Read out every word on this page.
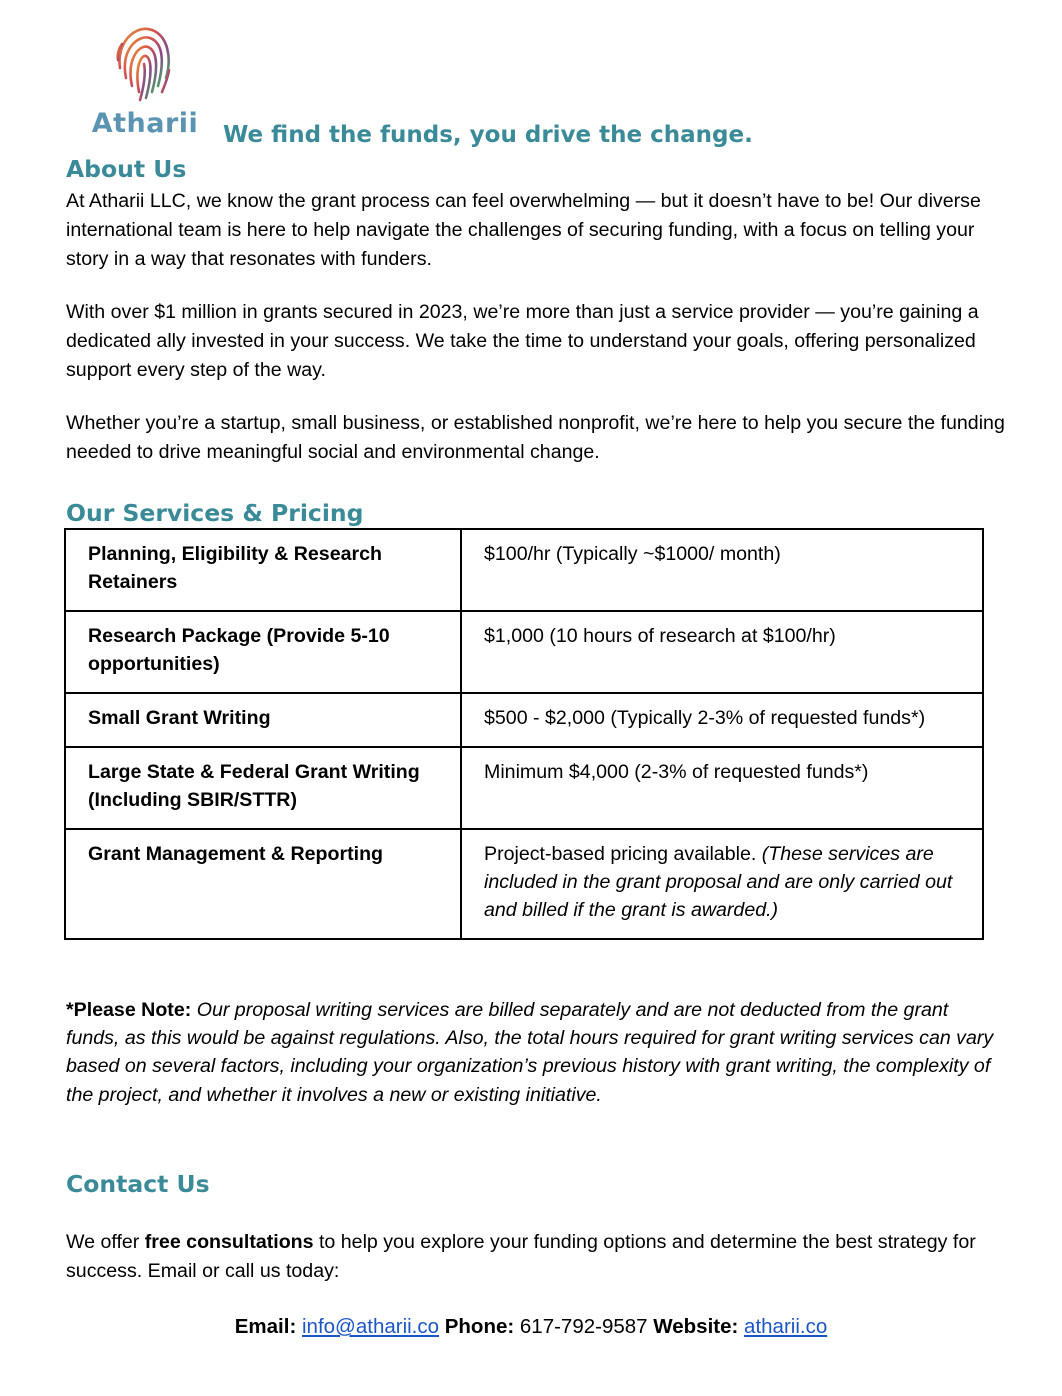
Atharii We find the funds, you drive the change.
About Us

At Atharii LLC, we know the grant process can feel overwhelming — but it doesn’t have to be! Our diverse international team is here to help navigate the challenges of securing funding, with a focus on telling your story in a way that resonates with funders.

With over $1 million in grants secured in 2023, we’re more than just a service provider — you’re gaining a dedicated ally invested in your success. We take the time to understand your goals, offering personalized support every step of the way.

Whether you’re a startup, small business, or established nonprofit, we’re here to help you secure the funding needed to drive meaningful social and environmental change.

Our Services & Pricing
Planning, Eligibility & Research Retainers	$100/hr (Typically ~$1000/ month)
Research Package (Provide 5-10 opportunities)	$1,000 (10 hours of research at $100/hr)
Small Grant Writing	$500 - $2,000 (Typically 2-3% of requested funds*)
Large State & Federal Grant Writing (Including SBIR/STTR)	Minimum $4,000 (2-3% of requested funds*)
Grant Management & Reporting	Project-based pricing available. (These services are included in the grant proposal and are only carried out and billed if the grant is awarded.)

*Please Note: Our proposal writing services are billed separately and are not deducted from the grant funds, as this would be against regulations. Also, the total hours required for grant writing services can vary based on several factors, including your organization’s previous history with grant writing, the complexity of the project, and whether it involves a new or existing initiative.

Contact Us

We offer free consultations to help you explore your funding options and determine the best strategy for success. Email or call us today:

Email: info@atharii.co Phone: 617-792-9587 Website: atharii.co
